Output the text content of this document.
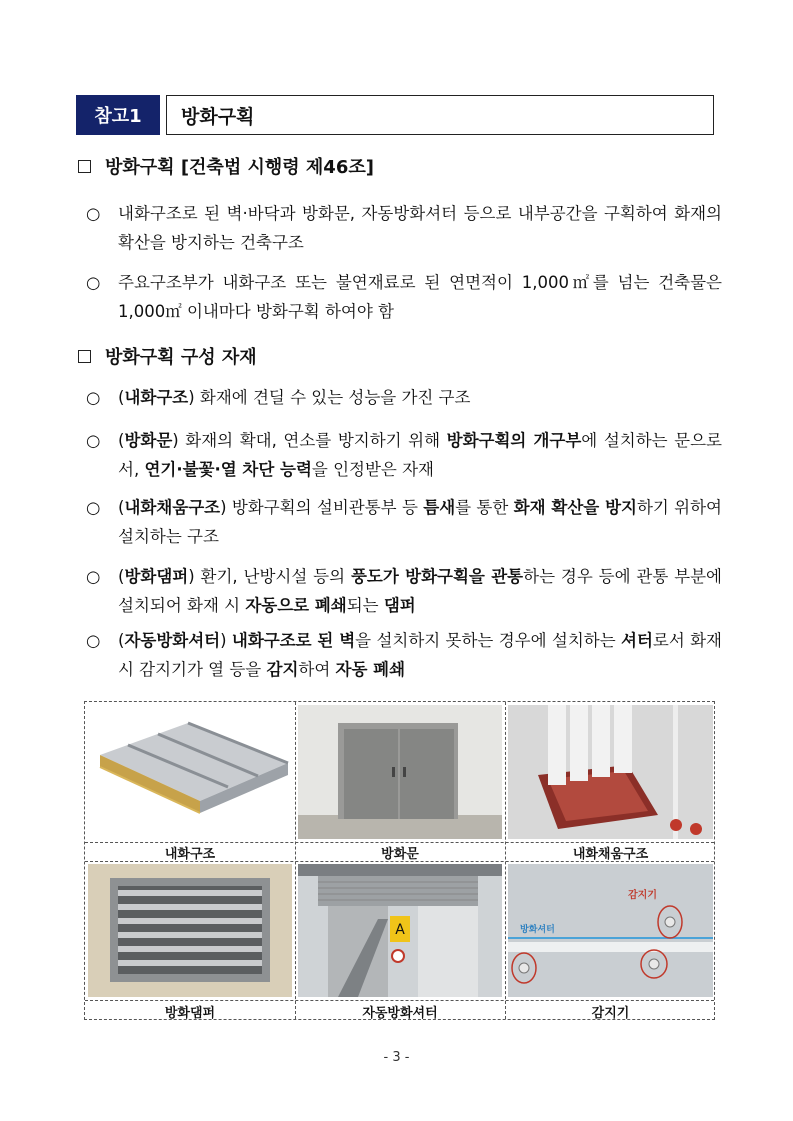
참고1	방화구획
방화구획 [건축법 시행령 제46조]
○ 내화구조로 된 벽·바닥과 방화문, 자동방화셔터 등으로 내부공간을 구획하여 화재의 확산을 방지하는 건축구조
○ 주요구조부가 내화구조 또는 불연재료로 된 연면적이 1,000㎡를 넘는 건축물은 1,000㎡ 이내마다 방화구획 하여야 함
방화구획 구성 자재
○ (내화구조) 화재에 견딜 수 있는 성능을 가진 구조
○ (방화문) 화재의 확대, 연소를 방지하기 위해 방화구획의 개구부에 설치하는 문으로서, 연기·불꽃·열 차단 능력을 인정받은 자재
○ (내화채움구조) 방화구획의 설비관통부 등 틈새를 통한 화재 확산을 방지하기 위하여 설치하는 구조
○ (방화댐퍼) 환기, 난방시설 등의 풍도가 방화구획을 관통하는 경우 등에 관통 부분에 설치되어 화재 시 자동으로 폐쇄되는 댐퍼
○ (자동방화셔터) 내화구조로 된 벽을 설치하지 못하는 경우에 설치하는 셔터로서 화재 시 감지기가 열 등을 감지하여 자동 폐쇄
내화구조	방화문	내화채움구조
A
감지기
방화셔터
방화댐퍼	자동방화셔터	감지기
- 3 -
